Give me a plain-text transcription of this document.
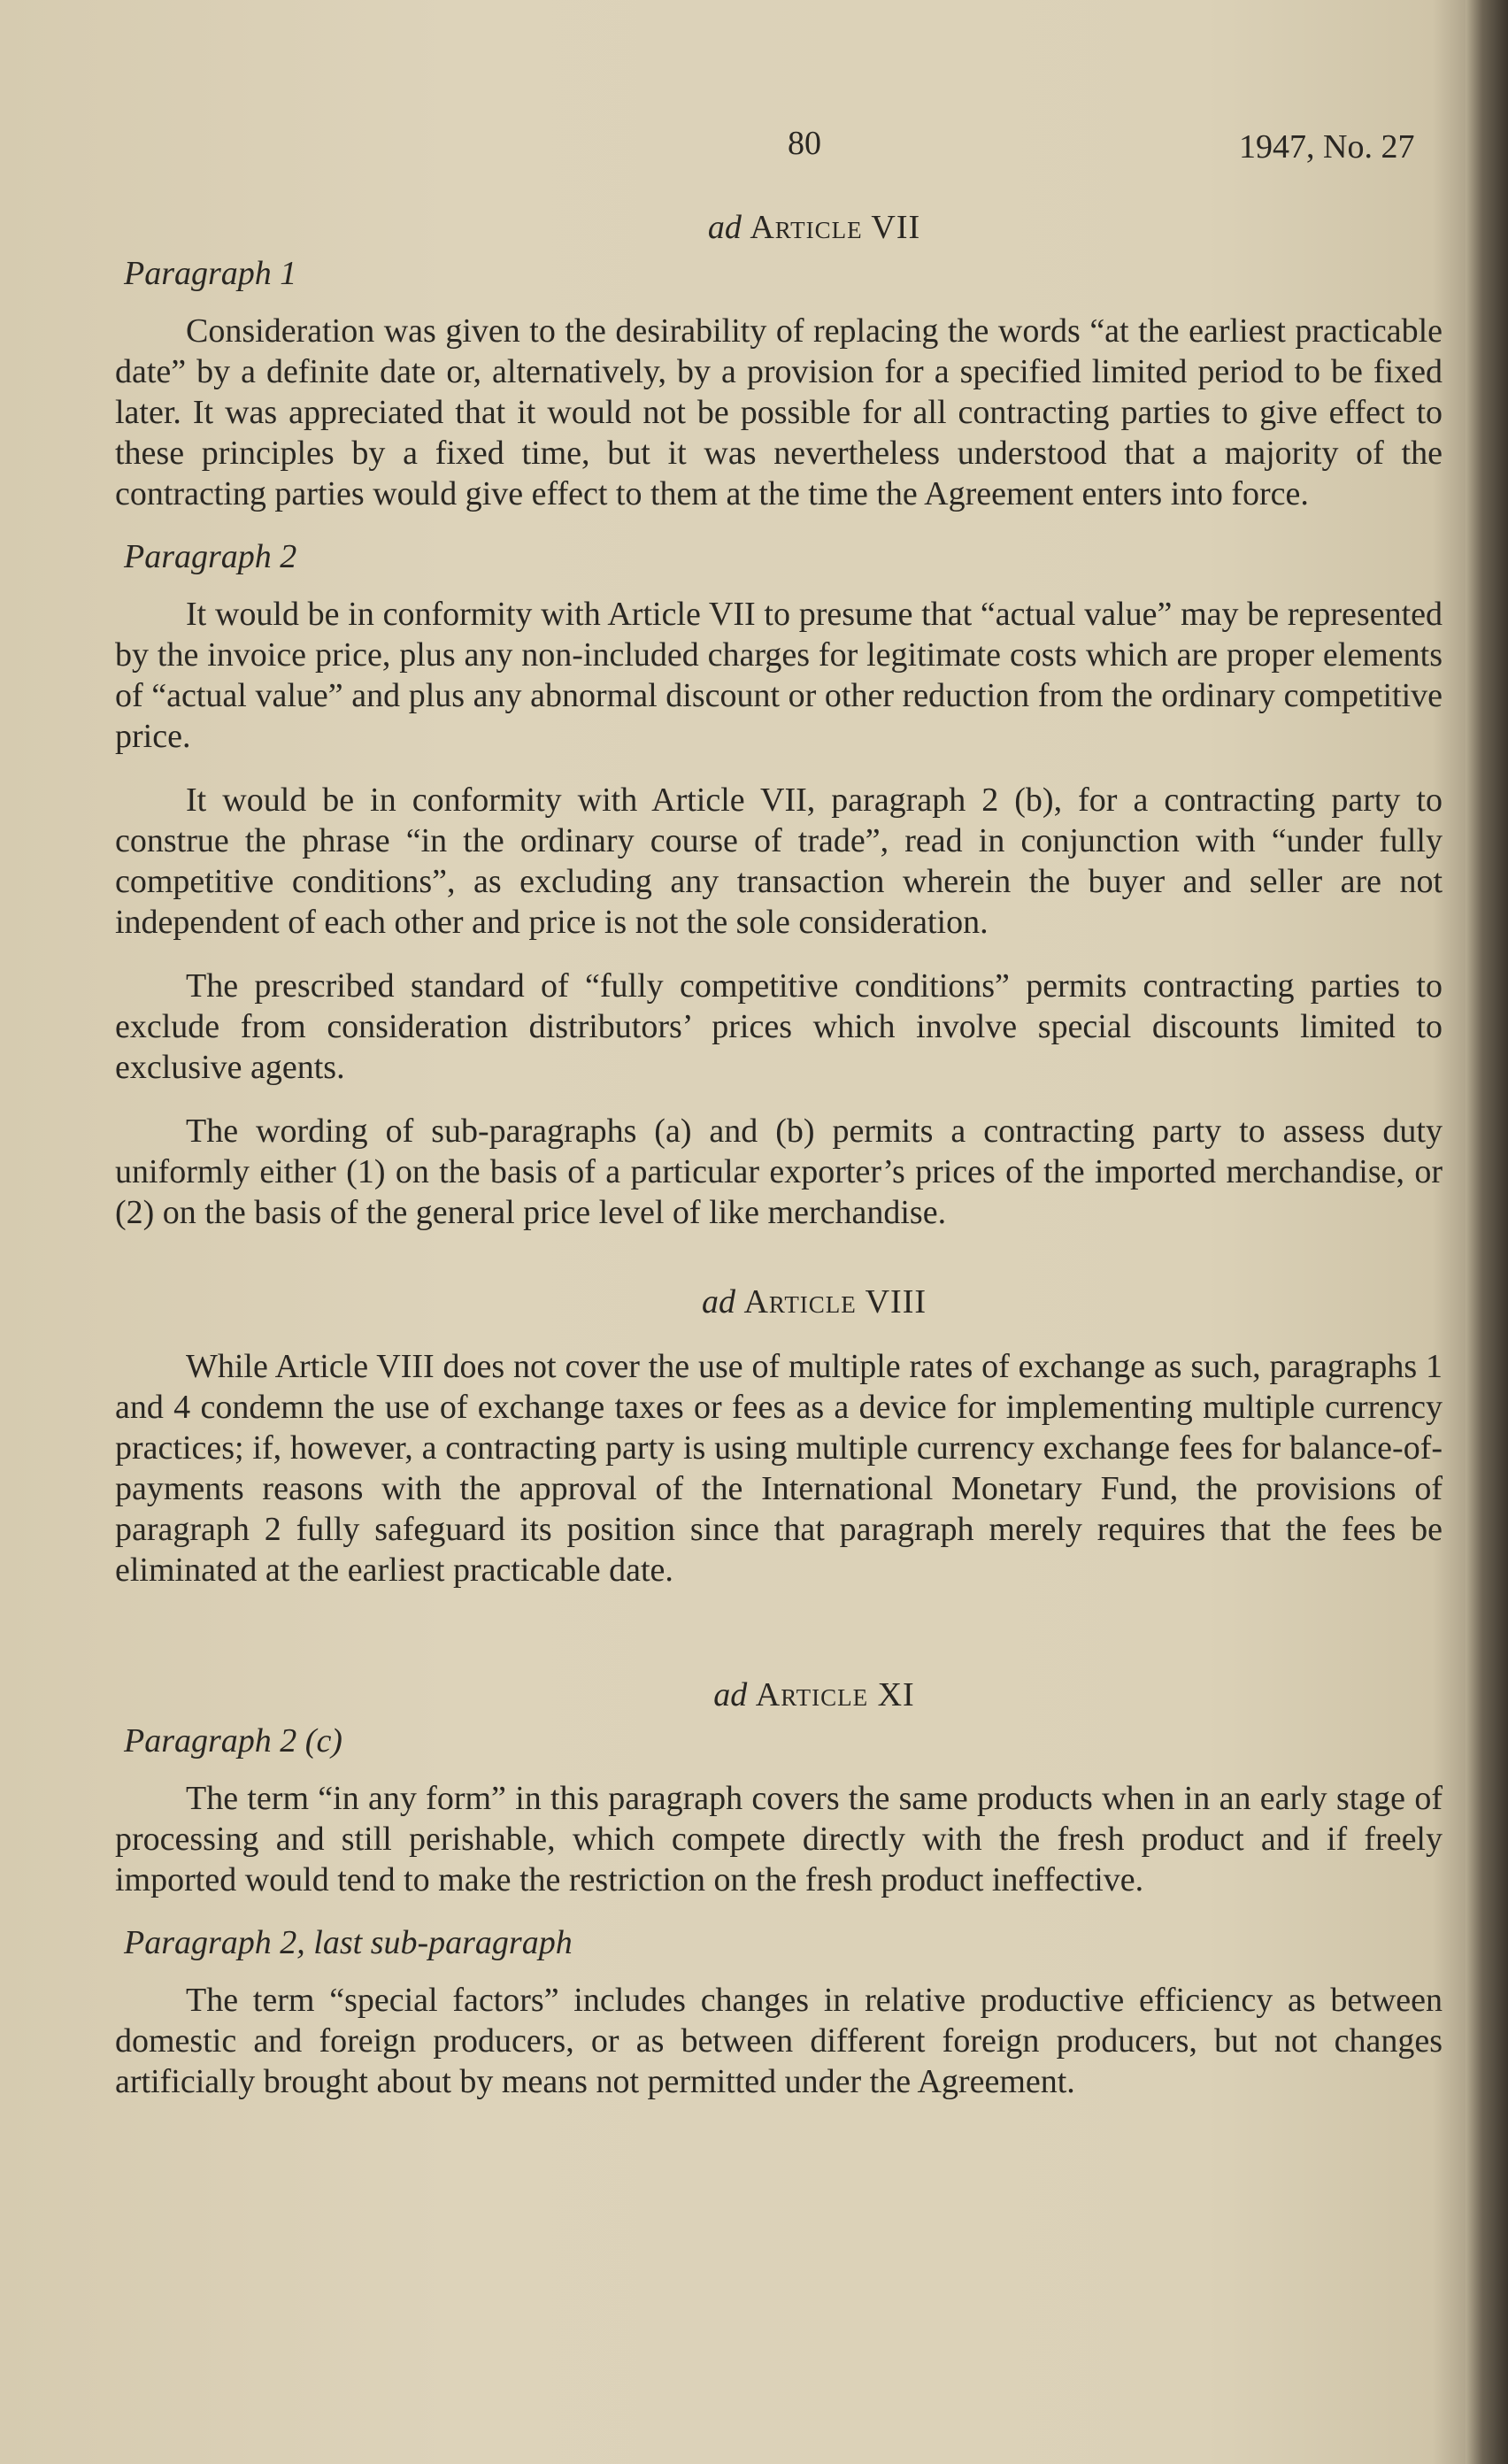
80	1947, No. 27
ad Article VII
Paragraph 1

Consideration was given to the desirability of replacing the words “at the earliest practicable date” by a definite date or, alternatively, by a provision for a specified limited period to be fixed later. It was appreciated that it would not be possible for all contracting parties to give effect to these principles by a fixed time, but it was nevertheless understood that a majority of the contracting parties would give effect to them at the time the Agreement enters into force.

Paragraph 2

It would be in conformity with Article VII to presume that “actual value” may be represented by the invoice price, plus any non-included charges for legitimate costs which are proper elements of “actual value” and plus any abnormal discount or other reduction from the ordinary competitive price.

It would be in conformity with Article VII, paragraph 2 (b), for a contracting party to construe the phrase “in the ordinary course of trade”, read in conjunction with “under fully competitive conditions”, as excluding any transaction wherein the buyer and seller are not independent of each other and price is not the sole consideration.

The prescribed standard of “fully competitive conditions” permits contracting parties to exclude from consideration distributors’ prices which involve special discounts limited to exclusive agents.

The wording of sub-paragraphs (a) and (b) permits a contracting party to assess duty uniformly either (1) on the basis of a particular exporter’s prices of the imported merchandise, or (2) on the basis of the general price level of like merchandise.

ad Article VIII

While Article VIII does not cover the use of multiple rates of exchange as such, paragraphs 1 and 4 condemn the use of exchange taxes or fees as a device for implementing multiple currency practices; if, however, a contracting party is using multiple currency exchange fees for balance-of-payments reasons with the approval of the International Monetary Fund, the provisions of paragraph 2 fully safeguard its position since that paragraph merely requires that the fees be eliminated at the earliest practicable date.

ad Article XI
Paragraph 2 (c)

The term “in any form” in this paragraph covers the same products when in an early stage of processing and still perishable, which compete directly with the fresh product and if freely imported would tend to make the restriction on the fresh product ineffective.

Paragraph 2, last sub-paragraph

The term “special factors” includes changes in relative productive efficiency as between domestic and foreign producers, or as between different foreign producers, but not changes artificially brought about by means not permitted under the Agreement.
